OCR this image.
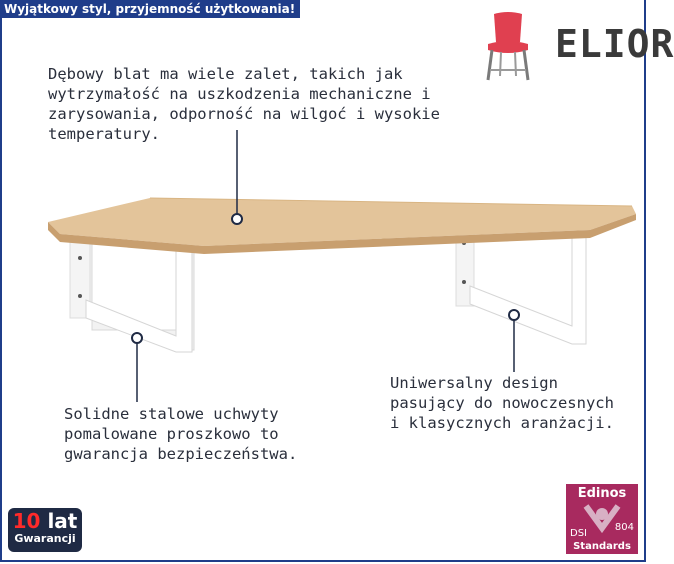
Wyjątkowy styl, przyjemność użytkowania!
ELIOR
Dębowy blat ma wiele zalet, takich jak
wytrzymałość na uszkodzenia mechaniczne i
zarysowania, odporność na wilgoć i wysokie
temperatury.
Solidne stalowe uchwyty
pomalowane proszkowo to
gwarancja bezpieczeństwa.
Uniwersalny design
pasujący do nowoczesnych
i klasycznych aranżacji.
10 lat
Gwarancji
Edinos
DSI
804
Standards
